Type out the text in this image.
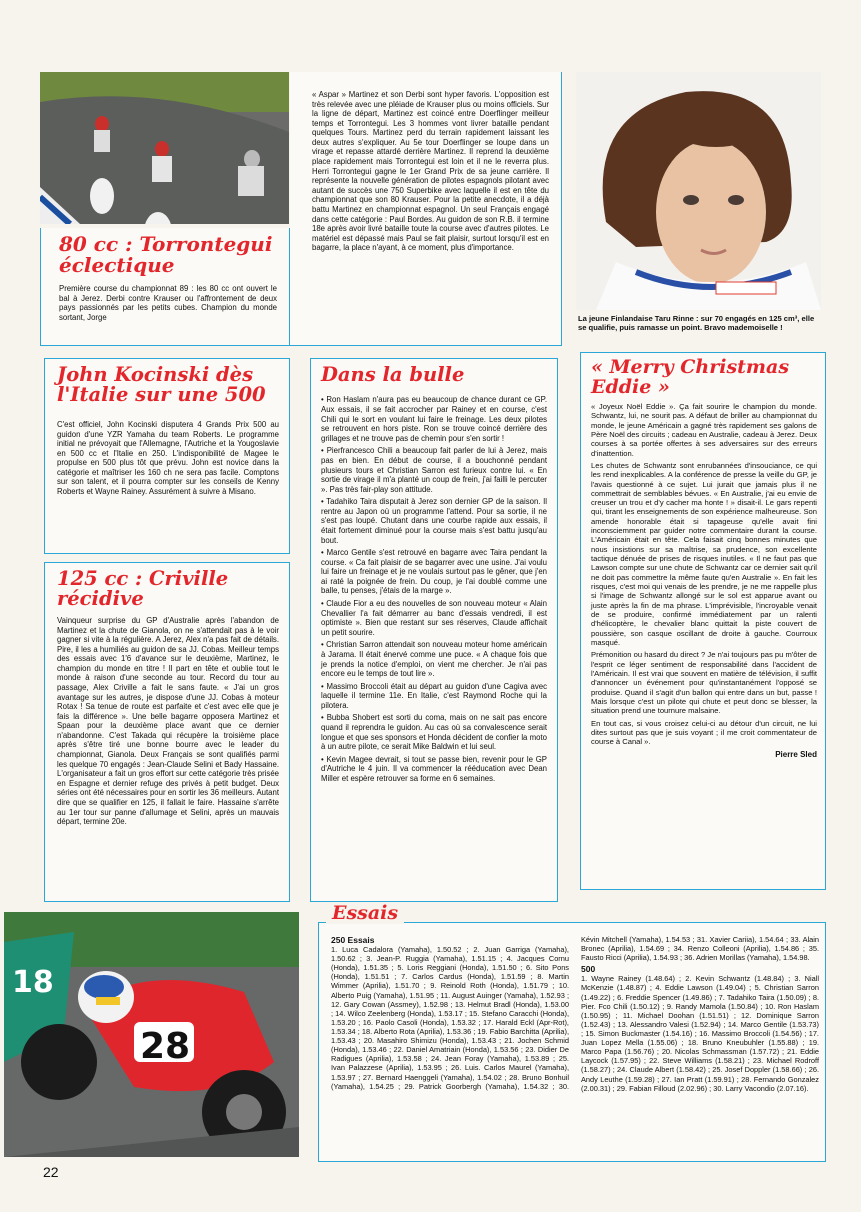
80 cc : Torrontegui éclectique
Première course du championnat 89 : les 80 cc ont ouvert le bal à Jerez. Derbi contre Krauser ou l'affrontement de deux pays passionnés par les petits cubes. Champion du monde sortant, Jorge
« Aspar » Martinez et son Derbi sont hyper favoris. L'opposition est très relevée avec une pléiade de Krauser plus ou moins officiels. Sur la ligne de départ, Martinez est coincé entre Doerflinger meilleur temps et Torrontegui. Les 3 hommes vont livrer bataille pendant quelques Tours. Martinez perd du terrain rapidement laissant les deux autres s'expliquer. Au 5e tour Doerflinger se loupe dans un virage et repasse attardé derrière Martinez. Il reprend la deuxième place rapidement mais Torrontegui est loin et il ne le reverra plus. Herri Torrontegui gagne le 1er Grand Prix de sa jeune carrière. Il représente la nouvelle génération de pilotes espagnols pilotant avec autant de succès une 750 Superbike avec laquelle il est en tête du championnat que son 80 Krauser. Pour la petite anecdote, il a déjà battu Martinez en championnat espagnol. Un seul Français engagé dans cette catégorie : Paul Bordes. Au guidon de son R.B. il termine 18e après avoir livré bataille toute la course avec d'autres pilotes. Le matériel est dépassé mais Paul se fait plaisir, surtout lorsqu'il est en bagarre, la place n'ayant, à ce moment, plus d'importance.
La jeune Finlandaise Taru Rinne : sur 70 engagés en 125 cm³, elle se qualifie, puis ramasse un point. Bravo mademoiselle !
John Kocinski dès l'Italie sur une 500
C'est officiel, John Kocinski disputera 4 Grands Prix 500 au guidon d'une YZR Yamaha du team Roberts. Le programme initial ne prévoyait que l'Allemagne, l'Autriche et la Yougoslavie en 500 cc et l'Italie en 250. L'indisponibilité de Magee le propulse en 500 plus tôt que prévu. John est novice dans la catégorie et maîtriser les 160 ch ne sera pas facile. Comptons sur son talent, et il pourra compter sur les conseils de Kenny Roberts et Wayne Rainey. Assurément à suivre à Misano.
125 cc : Criville récidive
Vainqueur surprise du GP d'Australie après l'abandon de Martinez et la chute de Gianola, on ne s'attendait pas à le voir gagner si vite à la régulière. A Jerez, Alex n'a pas fait de détails. Pire, il les a humiliés au guidon de sa JJ. Cobas. Meilleur temps des essais avec 1'6 d'avance sur le deuxième, Martinez, le champion du monde en titre ! Il part en tête et oublie tout le monde à raison d'une seconde au tour. Record du tour au passage, Alex Criville a fait le sans faute. « J'ai un gros avantage sur les autres, je dispose d'une JJ. Cobas à moteur Rotax ! Sa tenue de route est parfaite et c'est avec elle que je fais la différence ». Une belle bagarre opposera Martinez et Spaan pour la deuxième place avant que ce dernier n'abandonne. C'est Takada qui récupère la troisième place après s'être tiré une bonne bourre avec le leader du championnat, Gianola. Deux Français se sont qualifiés parmi les quelque 70 engagés : Jean-Claude Selini et Bady Hassaine. L'organisateur a fait un gros effort sur cette catégorie très prisée en Espagne et dernier refuge des privés à petit budget. Deux séries ont été nécessaires pour en sortir les 36 meilleurs. Autant dire que se qualifier en 125, il fallait le faire. Hassaine s'arrête au 1er tour sur panne d'allumage et Selini, après un mauvais départ, termine 20e.
Dans la bulle

• Ron Haslam n'aura pas eu beaucoup de chance durant ce GP. Aux essais, il se fait accrocher par Rainey et en course, c'est Chili qui le sort en voulant lui faire le freinage. Les deux pilotes se retrouvent en hors piste. Ron se trouve coincé derrière des grillages et ne trouve pas de chemin pour s'en sortir !

• Pierfrancesco Chili a beaucoup fait parler de lui à Jerez, mais pas en bien. En début de course, il a bouchonné pendant plusieurs tours et Christian Sarron est furieux contre lui. « En sortie de virage il m'a planté un coup de frein, j'ai failli le percuter ». Pas très fair-play son attitude.

• Tadahiko Taira disputait à Jerez son dernier GP de la saison. Il rentre au Japon où un programme l'attend. Pour sa sortie, il ne s'est pas loupé. Chutant dans une courbe rapide aux essais, il était fortement diminué pour la course mais s'est battu jusqu'au bout.

• Marco Gentile s'est retrouvé en bagarre avec Taira pendant la course. « Ca fait plaisir de se bagarrer avec une usine. J'ai voulu lui faire un freinage et je ne voulais surtout pas le gêner, que j'en ai raté la poignée de frein. Du coup, je l'ai doublé comme une balle, tu penses, j'étais de la marge ».

• Claude Fior a eu des nouvelles de son nouveau moteur « Alain Chevallier l'a fait démarrer au banc d'essais vendredi, il est optimiste ». Bien que restant sur ses réserves, Claude affichait un petit sourire.

• Christian Sarron attendait son nouveau moteur home américain à Jarama. Il était énervé comme une puce. « A chaque fois que je prends la notice d'emploi, on vient me chercher. Je n'ai pas encore eu le temps de tout lire ».

• Massimo Broccoli était au départ au guidon d'une Cagiva avec laquelle il termine 11e. En Italie, c'est Raymond Roche qui la pilotera.

• Bubba Shobert est sorti du coma, mais on ne sait pas encore quand il reprendra le guidon. Au cas où sa convalescence serait longue et que ses sponsors et Honda décident de confier la moto à un autre pilote, ce serait Mike Baldwin et lui seul.

• Kevin Magee devrait, si tout se passe bien, revenir pour le GP d'Autriche le 4 juin. Il va commencer la rééducation avec Dean Miller et espère retrouver sa forme en 6 semaines.

« Merry Christmas Eddie »

« Joyeux Noël Eddie ». Ça fait sourire le champion du monde. Schwantz, lui, ne sourit pas. A défaut de briller au championnat du monde, le jeune Américain a gagné très rapidement ses galons de Père Noël des circuits ; cadeau en Australie, cadeau à Jerez. Deux courses à sa portée offertes à ses adversaires sur des erreurs d'inattention.

Les chutes de Schwantz sont enrubannées d'insouciance, ce qui les rend inexplicables. A la conférence de presse la veille du GP, je l'avais questionné à ce sujet. Lui jurait que jamais plus il ne commettrait de semblables bévues. « En Australie, j'ai eu envie de creuser un trou et d'y cacher ma honte ! » disait-il. Le gars repenti qui, tirant les enseignements de son expérience malheureuse. Son amende honorable était si tapageuse qu'elle avait fini inconsciemment par guider notre commentaire durant la course. L'Américain était en tête. Cela faisait cinq bonnes minutes que nous insistions sur sa maîtrise, sa prudence, son excellente tactique dénuée de prises de risques inutiles. « Il ne faut pas que Lawson compte sur une chute de Schwantz car ce dernier sait qu'il ne doit pas commettre la même faute qu'en Australie ». En fait les risques, c'est moi qui venais de les prendre, je ne me rappelle plus si l'image de Schwantz allongé sur le sol est apparue avant ou juste après la fin de ma phrase. L'imprévisible, l'incroyable venait de se produire, confirmé immédiatement par un ralenti d'hélicoptère, le chevalier blanc quittait la piste couvert de poussière, son casque oscillant de droite à gauche. Courroux masqué.

Prémonition ou hasard du direct ? Je n'ai toujours pas pu m'ôter de l'esprit ce léger sentiment de responsabilité dans l'accident de l'Américain. Il est vrai que souvent en matière de télévision, il suffit d'annoncer un événement pour qu'instantanément l'opposé se produise. Quand il s'agit d'un ballon qui entre dans un but, passe ! Mais lorsque c'est un pilote qui chute et peut donc se blesser, la situation prend une tournure malsaine.

En tout cas, si vous croisez celui-ci au détour d'un circuit, ne lui dites surtout pas que je suis voyant ; il me croit commentateur de course à Canal ».

Pierre Sled
18
28
250 Essais
1. Luca Cadalora (Yamaha), 1.50.52 ; 2. Juan Garriga (Yamaha), 1.50.62 ; 3. Jean-P. Ruggia (Yamaha), 1.51.15 ; 4. Jacques Cornu (Honda), 1.51.35 ; 5. Loris Reggiani (Honda), 1.51.50 ; 6. Sito Pons (Honda), 1.51.51 ; 7. Carlos Cardus (Honda), 1.51.59 ; 8. Martin Wimmer (Aprilia), 1.51.70 ; 9. Reinold Roth (Honda), 1.51.79 ; 10. Alberto Puig (Yamaha), 1.51.95 ; 11. August Auinger (Yamaha), 1.52.93 ; 12. Gary Cowan (Assmey), 1.52.98 ; 13. Helmut Bradl (Honda), 1.53.00 ; 14. Wilco Zeelenberg (Honda), 1.53.17 ; 15. Stefano Caracchi (Honda), 1.53.20 ; 16. Paolo Casoli (Honda), 1.53.32 ; 17. Harald Eckl (Apr-Rot), 1.53.34 ; 18. Alberto Rota (Aprilia), 1.53.36 ; 19. Fabio Barchitta (Aprilia), 1.53.43 ; 20. Masahiro Shimizu (Honda), 1.53.43 ; 21. Jochen Schmid (Honda), 1.53.46 ; 22. Daniel Amatriain (Honda), 1.53.56 ; 23. Didier De Radigues (Aprilia), 1.53.58 ; 24. Jean Foray (Yamaha), 1.53.89 ; 25. Ivan Palazzese (Aprilia), 1.53.95 ; 26. Luis. Carlos Maurel (Yamaha), 1.53.97 ; 27. Bernard Haenggeli (Yamaha), 1.54.02 ; 28. Bruno Bonhuil (Yamaha), 1.54.25 ; 29. Patrick Goorbergh (Yamaha), 1.54.32 ; 30. Kévin Mitchell (Yamaha), 1.54.53 ; 31. Xavier Cariia), 1.54.64 ; 33. Alain Bronec (Aprilia), 1.54.69 ; 34. Renzo Colleoni (Aprilia), 1.54.86 ; 35. Fausto Ricci (Aprilia), 1.54.93 ; 36. Adrien Morillas (Yamaha), 1.54.98.
500
1. Wayne Rainey (1.48.64) ; 2. Kevin Schwantz (1.48.84) ; 3. Niall McKenzie (1.48.87) ; 4. Eddie Lawson (1.49.04) ; 5. Christian Sarron (1.49.22) ; 6. Freddie Spencer (1.49.86) ; 7. Tadahiko Taira (1.50.09) ; 8. Pier. Fco Chili (1.50.12) ; 9. Randy Mamola (1.50.84) ; 10. Ron Haslam (1.50.95) ; 11. Michael Doohan (1.51.51) ; 12. Dominique Sarron (1.52.43) ; 13. Alessandro Valesi (1.52.94) ; 14. Marco Gentile (1.53.73) ; 15. Simon Buckmaster (1.54.16) ; 16. Massimo Broccoli (1.54.56) ; 17. Juan Lopez Mella (1.55.06) ; 18. Bruno Kneubuhler (1.55.88) ; 19. Marco Papa (1.56.76) ; 20. Nicolas Schmassman (1.57.72) ; 21. Eddie Laycock (1.57.95) ; 22. Steve Williams (1.58.21) ; 23. Michael Rodroff (1.58.27) ; 24. Claude Albert (1.58.42) ; 25. Josef Doppler (1.58.66) ; 26. Andy Leuthe (1.59.28) ; 27. Ian Pratt (1.59.91) ; 28. Fernando Gonzalez (2.00.31) ; 29. Fabian Filloud (2.02.96) ; 30. Larry Vacondio (2.07.16).
Essais
22
